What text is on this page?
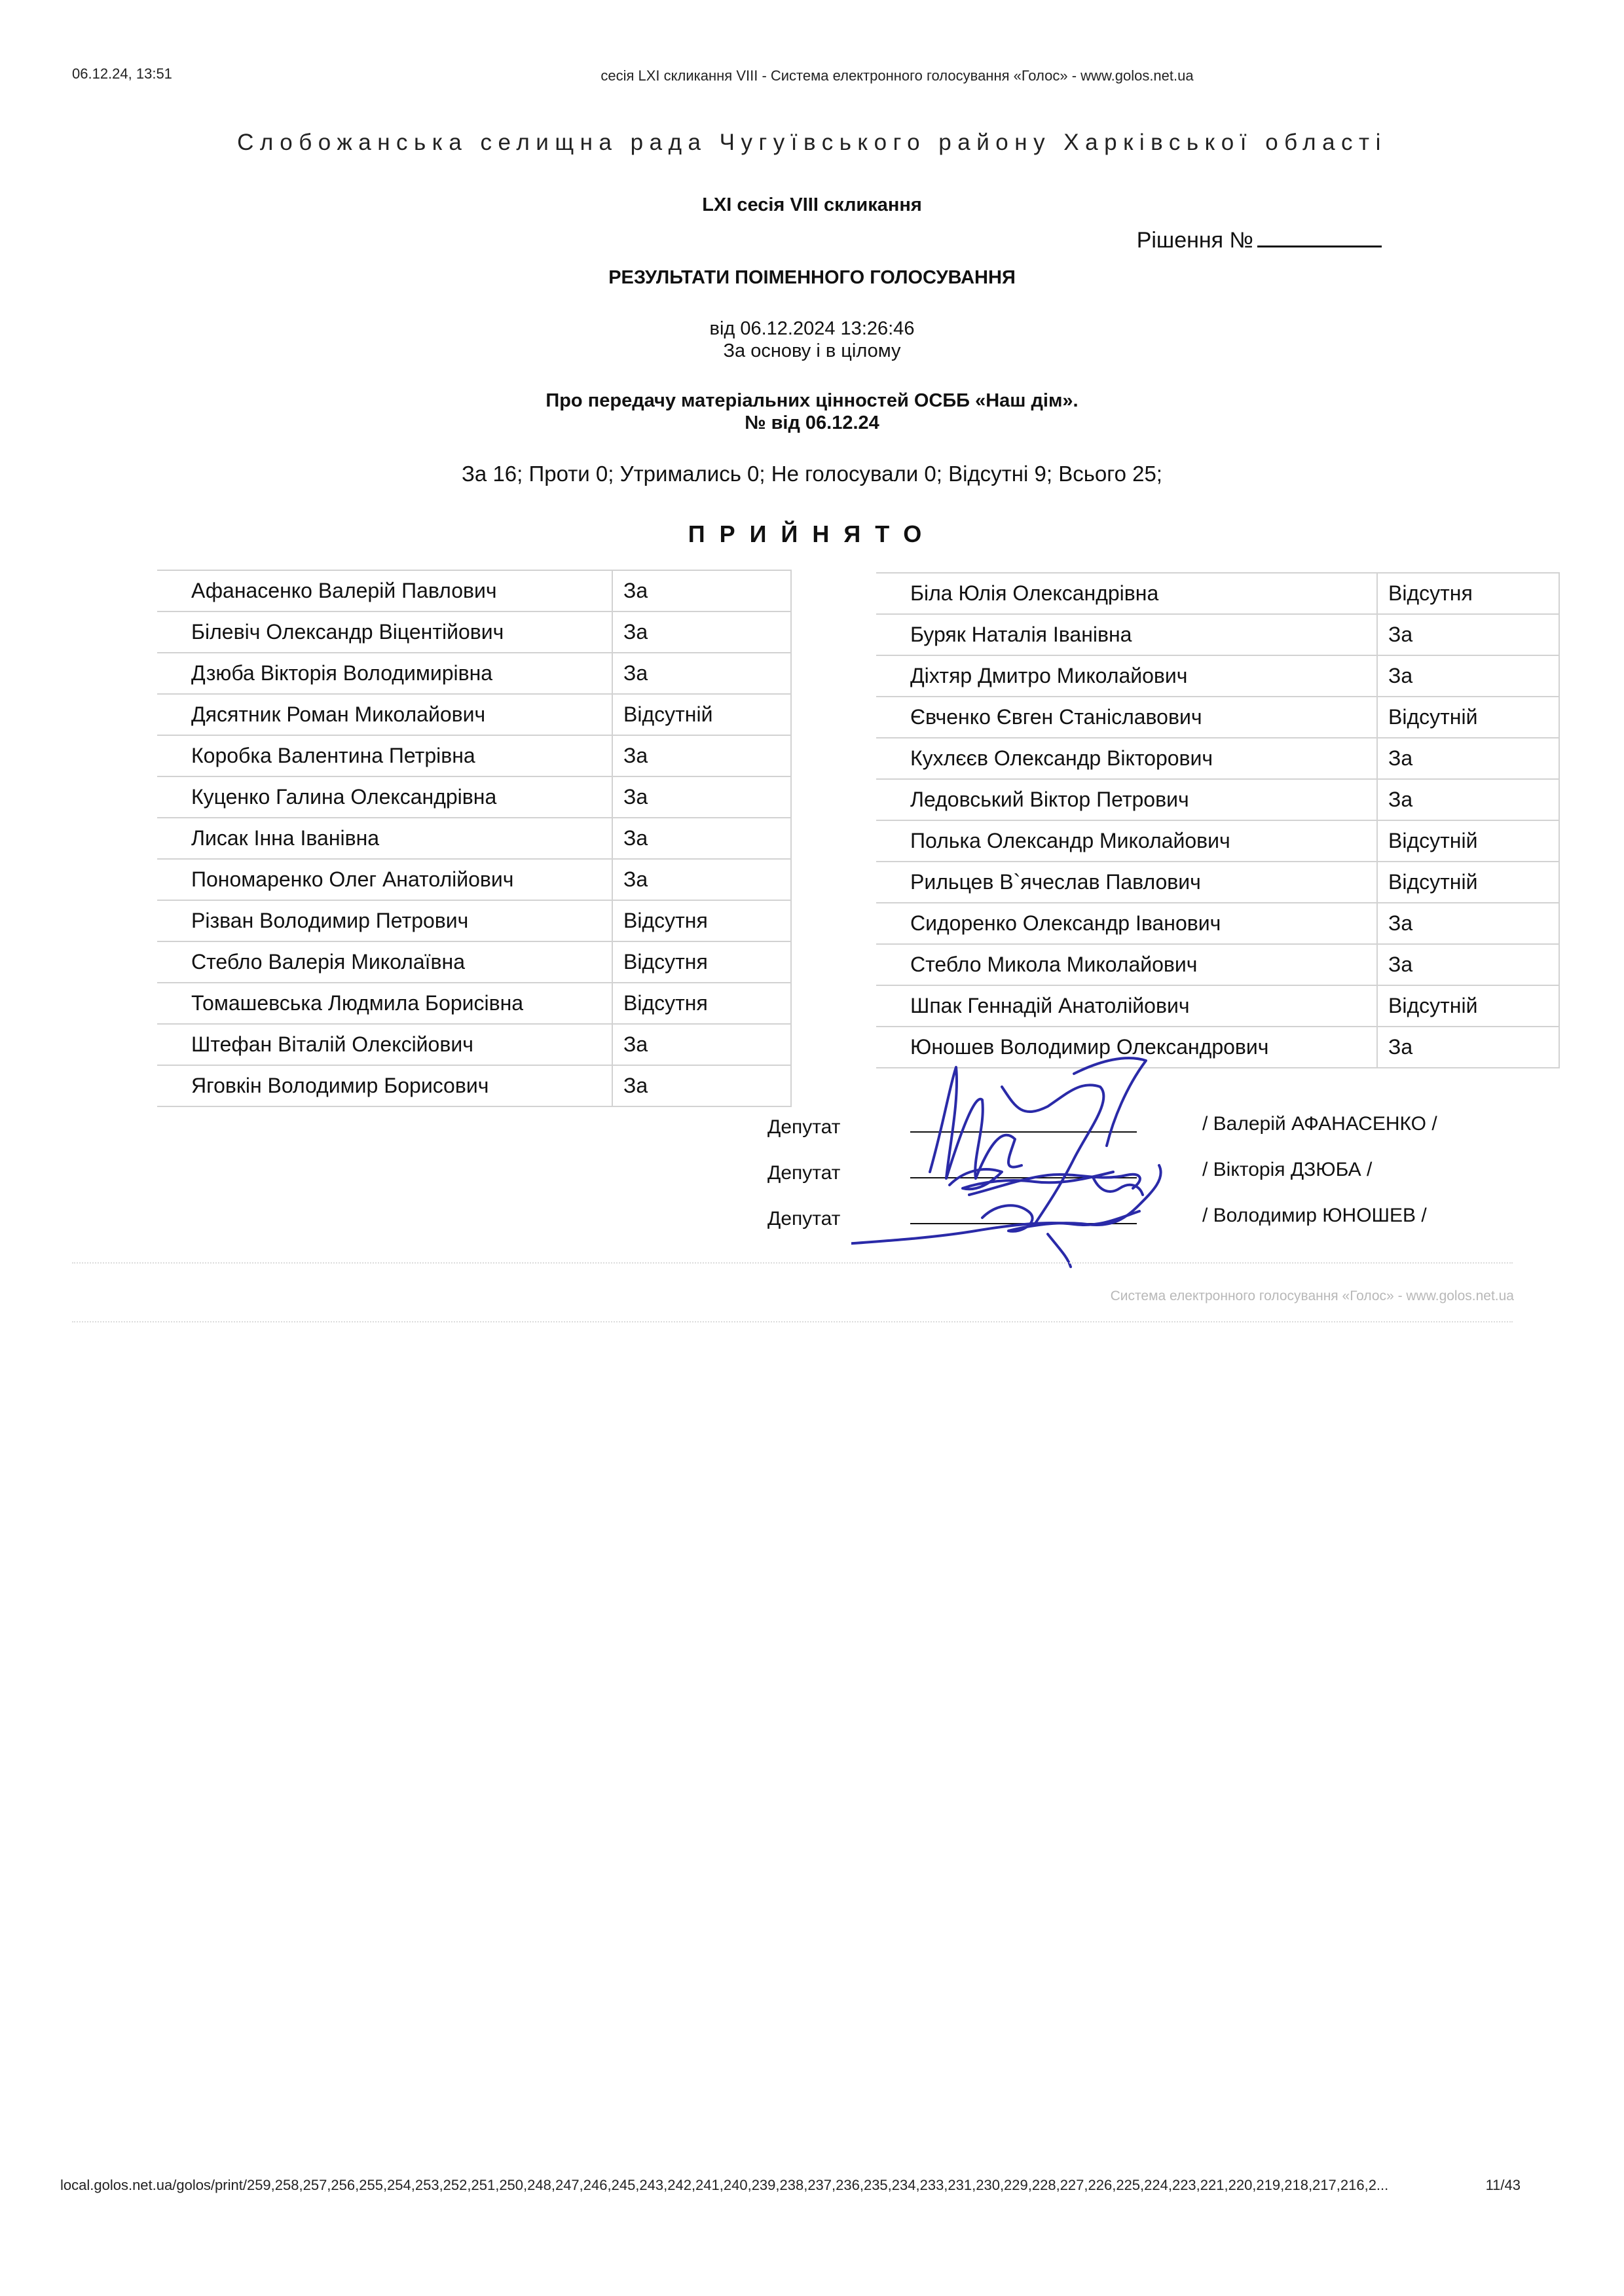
06.12.24, 13:51	сесія LXI скликання VIII - Система електронного голосування «Голос» - www.golos.net.ua
Слобожанська селищна рада Чугуївського району Харківської області
LXI сесія VIII скликання
Рішення №
РЕЗУЛЬТАТИ ПОІМЕННОГО ГОЛОСУВАННЯ
від 06.12.2024 13:26:46
За основу і в цілому
Про передачу матеріальних цінностей ОСББ «Наш дім».
№ від 06.12.24
За 16; Проти 0; Утримались 0; Не голосували 0; Відсутні 9; Всього 25;
ПРИЙНЯТО
Афанасенко Валерій Павлович	За
Білевіч Олександр Віцентійович	За
Дзюба Вікторія Володимирівна	За
Дясятник Роман Миколайович	Відсутній
Коробка Валентина Петрівна	За
Куценко Галина Олександрівна	За
Лисак Інна Іванівна	За
Пономаренко Олег Анатолійович	За
Різван Володимир Петрович	Відсутня
Стебло Валерія Миколаївна	Відсутня
Томашевська Людмила Борисівна	Відсутня
Штефан Віталій Олексійович	За
Яговкін Володимир Борисович	За
Біла Юлія Олександрівна	Відсутня
Буряк Наталія Іванівна	За
Діхтяр Дмитро Миколайович	За
Євченко Євген Станіславович	Відсутній
Кухлєєв Олександр Вікторович	За
Ледовський Віктор Петрович	За
Полька Олександр Миколайович	Відсутній
Рильцев В`ячеслав Павлович	Відсутній
Сидоренко Олександр Іванович	За
Стебло Микола Миколайович	За
Шпак Геннадій Анатолійович	Відсутній
Юношев Володимир Олександрович	За
Депутат	/ Валерій АФАНАСЕНКО /
Депутат	/ Вікторія ДЗЮБА /
Депутат	/ Володимир ЮНОШЕВ /
Система електронного голосування «Голос» - www.golos.net.ua
local.golos.net.ua/golos/print/259,258,257,256,255,254,253,252,251,250,248,247,246,245,243,242,241,240,239,238,237,236,235,234,233,231,230,229,228,227,226,225,224,223,221,220,219,218,217,216,2...	11/43
